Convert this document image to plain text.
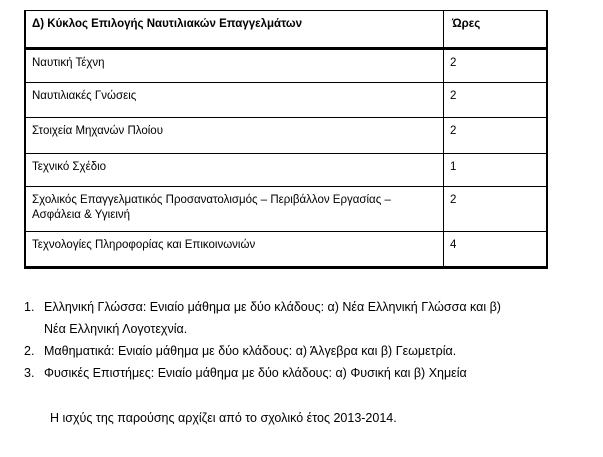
Δ) Κύκλος Επιλογής Ναυτιλιακών Επαγγελμάτων	Ώρες
Ναυτική Τέχνη	2
Ναυτιλιακές Γνώσεις	2
Στοιχεία Μηχανών Πλοίου	2
Τεχνικό Σχέδιο	1

Σχολικός Επαγγελματικός Προσανατολισμός – Περιβάλλον Εργασίας –
Ασφάλεια & Υγιεινή	2
Τεχνολογίες Πληροφορίας και Επικοινωνιών	4
1. Ελληνική Γλώσσα: Ενιαίο μάθημα με δύο κλάδους: α) Νέα Ελληνική Γλώσσα και β)
Νέα Ελληνική Λογοτεχνία.
2. Μαθηματικά: Ενιαίο μάθημα με δύο κλάδους: α) Άλγεβρα και β) Γεωμετρία.
3. Φυσικές Επιστήμες: Ενιαίο μάθημα με δύο κλάδους: α) Φυσική και β) Χημεία
Η ισχύς της παρούσης αρχίζει από το σχολικό έτος 2013-2014.
